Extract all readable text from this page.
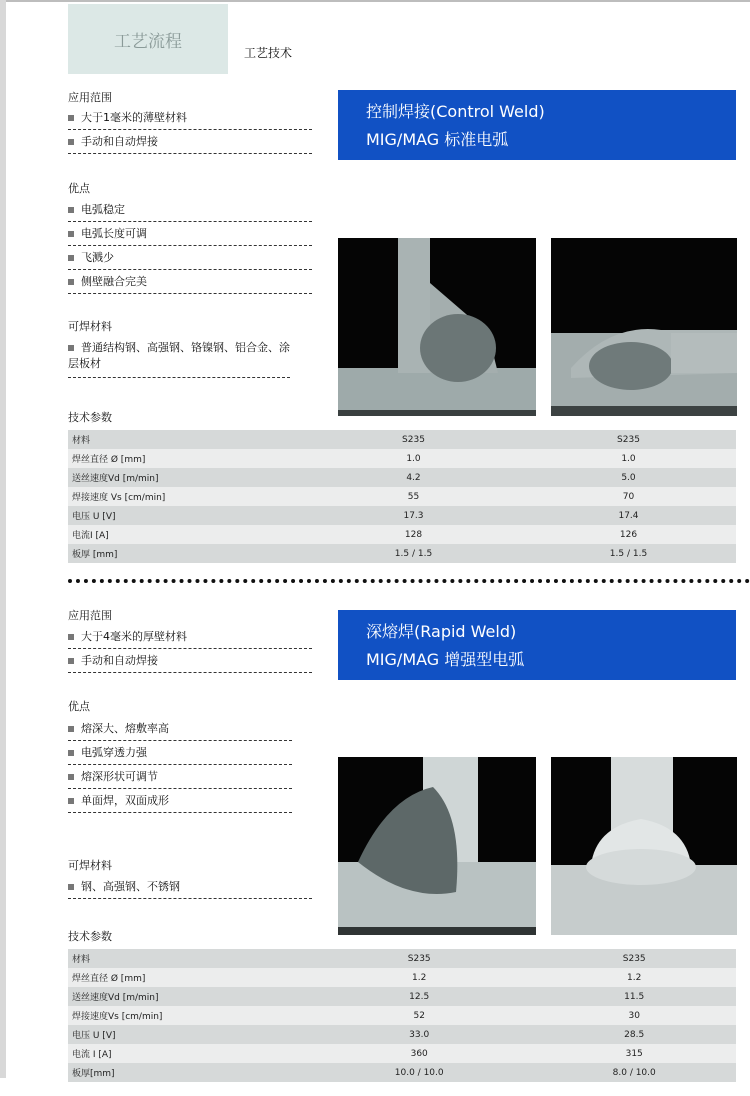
工艺流程
工艺技术
应用范围
大于1毫米的薄壁材料
手动和自动焊接
控制焊接(Control Weld)
MIG/MAG 标准电弧
优点
电弧稳定
电弧长度可调
飞溅少
侧壁融合完美
可焊材料
普通结构钢、高强钢、铬镍钢、铝合金、涂层板材
技术参数
材料	S235	S235
焊丝直径 Ø [mm]	1.0	1.0
送丝速度Vd [m/min]	4.2	5.0
焊接速度 Vs [cm/min]	55	70
电压 U [V]	17.3	17.4
电流I [A]	128	126
板厚 [mm]	1.5 / 1.5	1.5 / 1.5
应用范围
大于4毫米的厚壁材料
手动和自动焊接
深熔焊(Rapid Weld)
MIG/MAG 增强型电弧
优点
熔深大、熔敷率高
电弧穿透力强
熔深形状可调节
单面焊，双面成形
可焊材料
钢、高强钢、不锈钢
技术参数
材料	S235	S235
焊丝直径 Ø [mm]	1.2	1.2
送丝速度Vd [m/min]	12.5	11.5
焊接速度Vs [cm/min]	52	30
电压 U [V]	33.0	28.5
电流 I [A]	360	315
板厚[mm]	10.0 / 10.0	8.0 / 10.0
